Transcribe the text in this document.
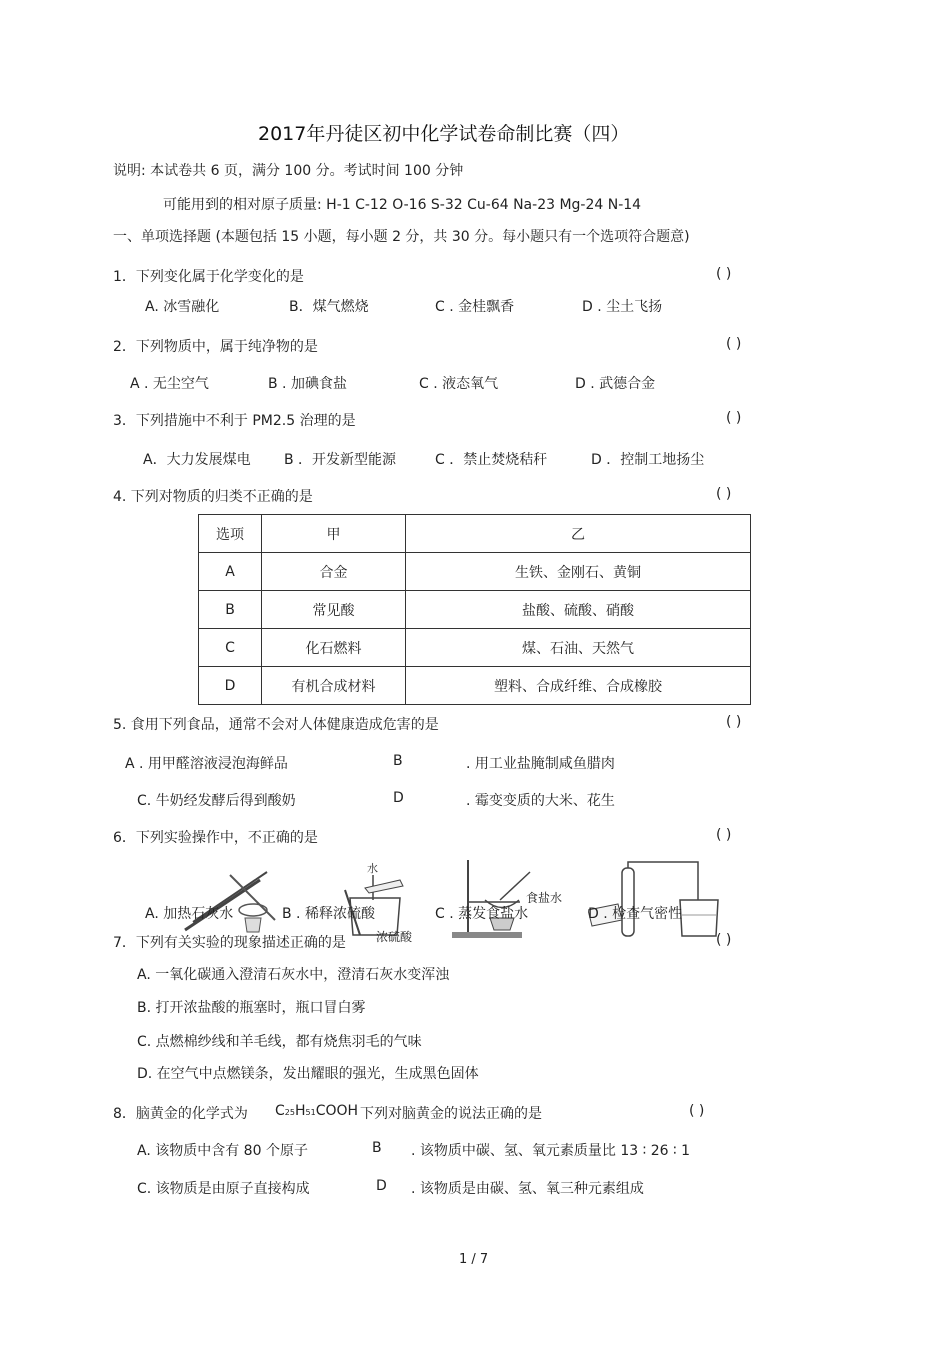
2017年丹徒区初中化学试卷命制比赛（四）
说明: 本试卷共 6 页，满分 100 分。考试时间 100 分钟
可能用到的相对原子质量: H-1 C-12 O-16 S-32 Cu-64 Na-23 Mg-24 N-14
一、单项选择题 (本题包括 15 小题，每小题 2 分，共 30 分。每小题只有一个选项符合题意)
1．下列变化属于化学变化的是	( )
A. 冰雪融化	B．煤气燃烧	C . 金桂飘香	D . 尘土飞扬
2．下列物质中，属于纯净物的是	( )
A . 无尘空气	B . 加碘食盐	C . 液态氧气	D . 武德合金
3．下列措施中不利于 PM2.5 治理的是	( )
A．大力发展煤电 B ．开发新型能源	C ．禁止焚烧秸秆	D ．控制工地扬尘
4. 下列对物质的归类不正确的是	( )
选项	甲	乙
A	合金	生铁、金刚石、黄铜
B	常见酸	盐酸、硫酸、硝酸
C	化石燃料	煤、石油、天然气
D	有机合成材料	塑料、合成纤维、合成橡胶
5. 食用下列食品，通常不会对人体健康造成危害的是	( )
A . 用甲醛溶液浸泡海鲜品	B	. 用工业盐腌制咸鱼腊肉
C. 牛奶经发酵后得到酸奶	D	. 霉变变质的大米、花生
6．下列实验操作中，不正确的是	( )
水
浓硫酸
食盐水
A. 加热石灰水	B . 稀释浓硫酸	C . 蒸发食盐水	D . 检查气密性
7．下列有关实验的现象描述正确的是	( )
A. 一氧化碳通入澄清石灰水中，澄清石灰水变浑浊
B. 打开浓盐酸的瓶塞时，瓶口冒白雾
C. 点燃棉纱线和羊毛线，都有烧焦羽毛的气味
D. 在空气中点燃镁条，发出耀眼的强光，生成黑色固体
8．脑黄金的化学式为 C25H51COOH 下列对脑黄金的说法正确的是	( )
A. 该物质中含有 80 个原子	B . 该物质中碳、氢、氧元素质量比 13 ∶ 26 ∶ 1
C. 该物质是由原子直接构成	D . 该物质是由碳、氢、氧三种元素组成
1 / 7
